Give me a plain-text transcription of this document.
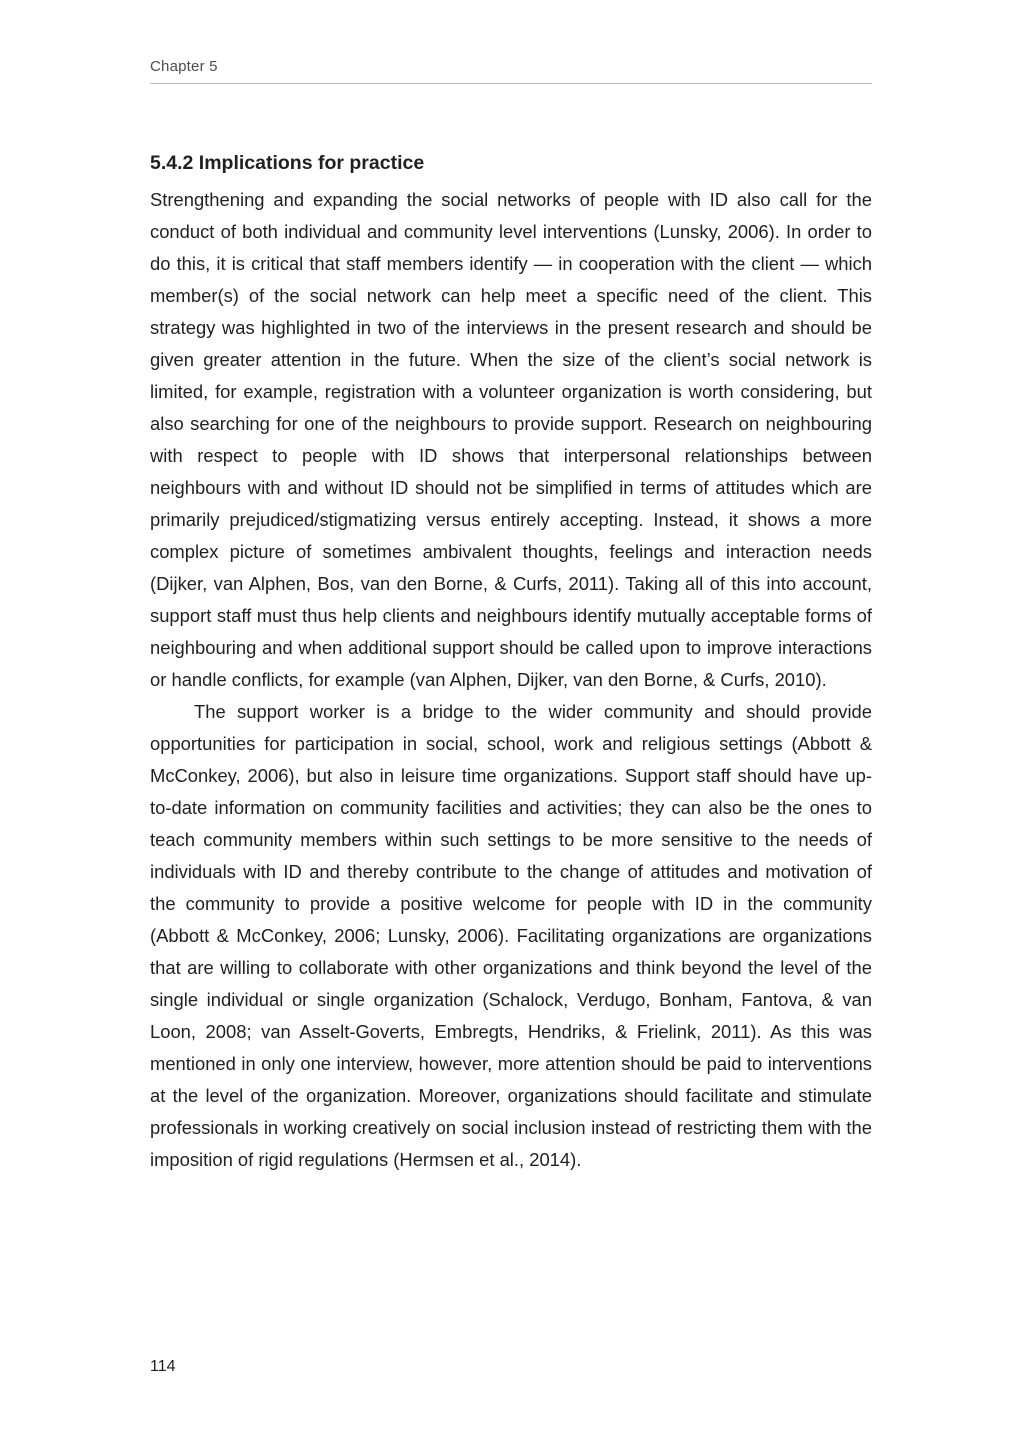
Chapter 5
5.4.2 Implications for practice

Strengthening and expanding the social networks of people with ID also call for the conduct of both individual and community level interventions (Lunsky, 2006). In order to do this, it is critical that staff members identify — in cooperation with the client — which member(s) of the social network can help meet a specific need of the client. This strategy was highlighted in two of the interviews in the present research and should be given greater attention in the future. When the size of the client’s social network is limited, for example, registration with a volunteer organization is worth considering, but also searching for one of the neighbours to provide support. Research on neighbouring with respect to people with ID shows that interpersonal relationships between neighbours with and without ID should not be simplified in terms of attitudes which are primarily prejudiced/stigmatizing versus entirely accepting. Instead, it shows a more complex picture of sometimes ambivalent thoughts, feelings and interaction needs (Dijker, van Alphen, Bos, van den Borne, & Curfs, 2011). Taking all of this into account, support staff must thus help clients and neighbours identify mutually acceptable forms of neighbouring and when additional support should be called upon to improve interactions or handle conflicts, for example (van Alphen, Dijker, van den Borne, & Curfs, 2010).

The support worker is a bridge to the wider community and should provide opportunities for participation in social, school, work and religious settings (Abbott & McConkey, 2006), but also in leisure time organizations. Support staff should have up-to-date information on community facilities and activities; they can also be the ones to teach community members within such settings to be more sensitive to the needs of individuals with ID and thereby contribute to the change of attitudes and motivation of the community to provide a positive welcome for people with ID in the community (Abbott & McConkey, 2006; Lunsky, 2006). Facilitating organizations are organizations that are willing to collaborate with other organizations and think beyond the level of the single individual or single organization (Schalock, Verdugo, Bonham, Fantova, & van Loon, 2008; van Asselt-Goverts, Embregts, Hendriks, & Frielink, 2011). As this was mentioned in only one interview, however, more attention should be paid to interventions at the level of the organization. Moreover, organizations should facilitate and stimulate professionals in working creatively on social inclusion instead of restricting them with the imposition of rigid regulations (Hermsen et al., 2014).

114
